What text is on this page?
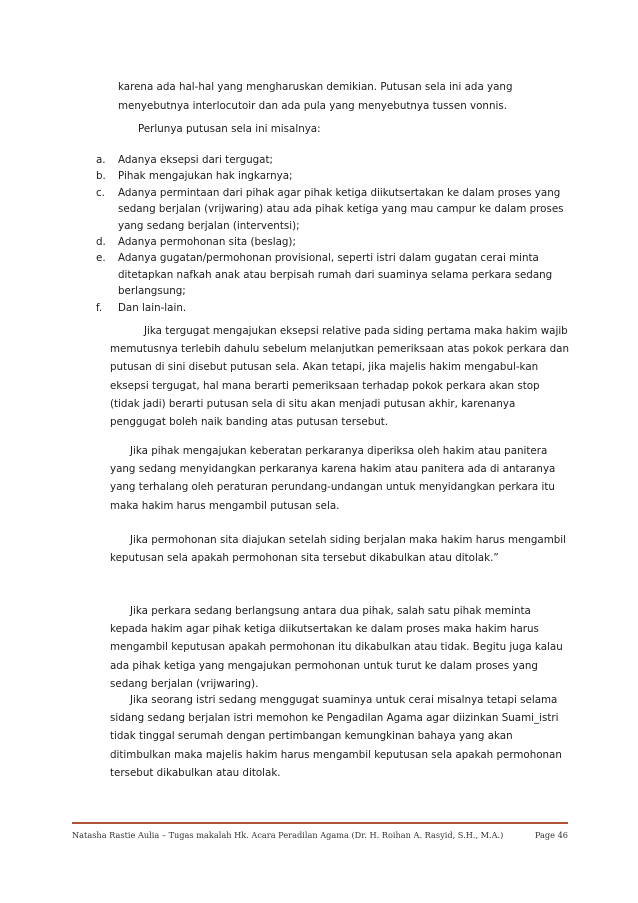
karena ada hal-hal yang mengharuskan demikian. Putusan sela ini ada yang menyebutnya interlocutoir dan ada pula yang menyebutnya tussen vonnis.

Perlunya putusan sela ini misalnya:

a. Adanya eksepsi dari tergugat;
b. Pihak mengajukan hak ingkarnya;
c. Adanya permintaan dari pihak agar pihak ketiga diikutsertakan ke dalam proses yang sedang berjalan (vrijwaring) atau ada pihak ketiga yang mau campur ke dalam proses yang sedang berjalan (interventsi);
d. Adanya permohonan sita (beslag);
e. Adanya gugatan/permohonan provisional, seperti istri dalam gugatan cerai minta ditetapkan nafkah anak atau berpisah rumah dari suaminya selama perkara sedang berlangsung;
f. Dan lain-lain.

Jika tergugat mengajukan eksepsi relative pada siding pertama maka hakim wajib memutusnya terlebih dahulu sebelum melanjutkan pemeriksaan atas pokok perkara dan putusan di sini disebut putusan sela. Akan tetapi, jika majelis hakim mengabul-kan eksepsi tergugat, hal mana berarti pemeriksaan terhadap pokok perkara akan stop (tidak jadi) berarti putusan sela di situ akan menjadi putusan akhir, karenanya penggugat boleh naik banding atas putusan tersebut.

Jika pihak mengajukan keberatan perkaranya diperiksa oleh hakim atau panitera yang sedang menyidangkan perkaranya karena hakim atau panitera ada di antaranya yang terhalang oleh peraturan perundang-undangan untuk menyidangkan perkara itu maka hakim harus mengambil putusan sela.

Jika permohonan sita diajukan setelah siding berjalan maka hakim harus mengambil keputusan sela apakah permohonan sita tersebut dikabulkan atau ditolak.”

Jika perkara sedang berlangsung antara dua pihak, salah satu pihak meminta kepada hakim agar pihak ketiga diikutsertakan ke dalam proses maka hakim harus mengambil keputusan apakah permohonan itu dikabulkan atau tidak. Begitu juga kalau ada pihak ketiga yang mengajukan permohonan untuk turut ke dalam proses yang sedang berjalan (vrijwaring).

Jika seorang istri sedang menggugat suaminya untuk cerai misalnya tetapi selama sidang sedang berjalan istri memohon ke Pengadilan Agama agar diizinkan Suami_istri tidak tinggal serumah dengan pertimbangan kemungkinan bahaya yang akan ditimbulkan maka majelis hakim harus mengambil keputusan sela apakah permohonan tersebut dikabulkan atau ditolak.

Natasha Rastie Aulia – Tugas makalah Hk. Acara Peradilan Agama (Dr. H. Roihan A. Rasyid, S.H., M.A.)	Page 46
